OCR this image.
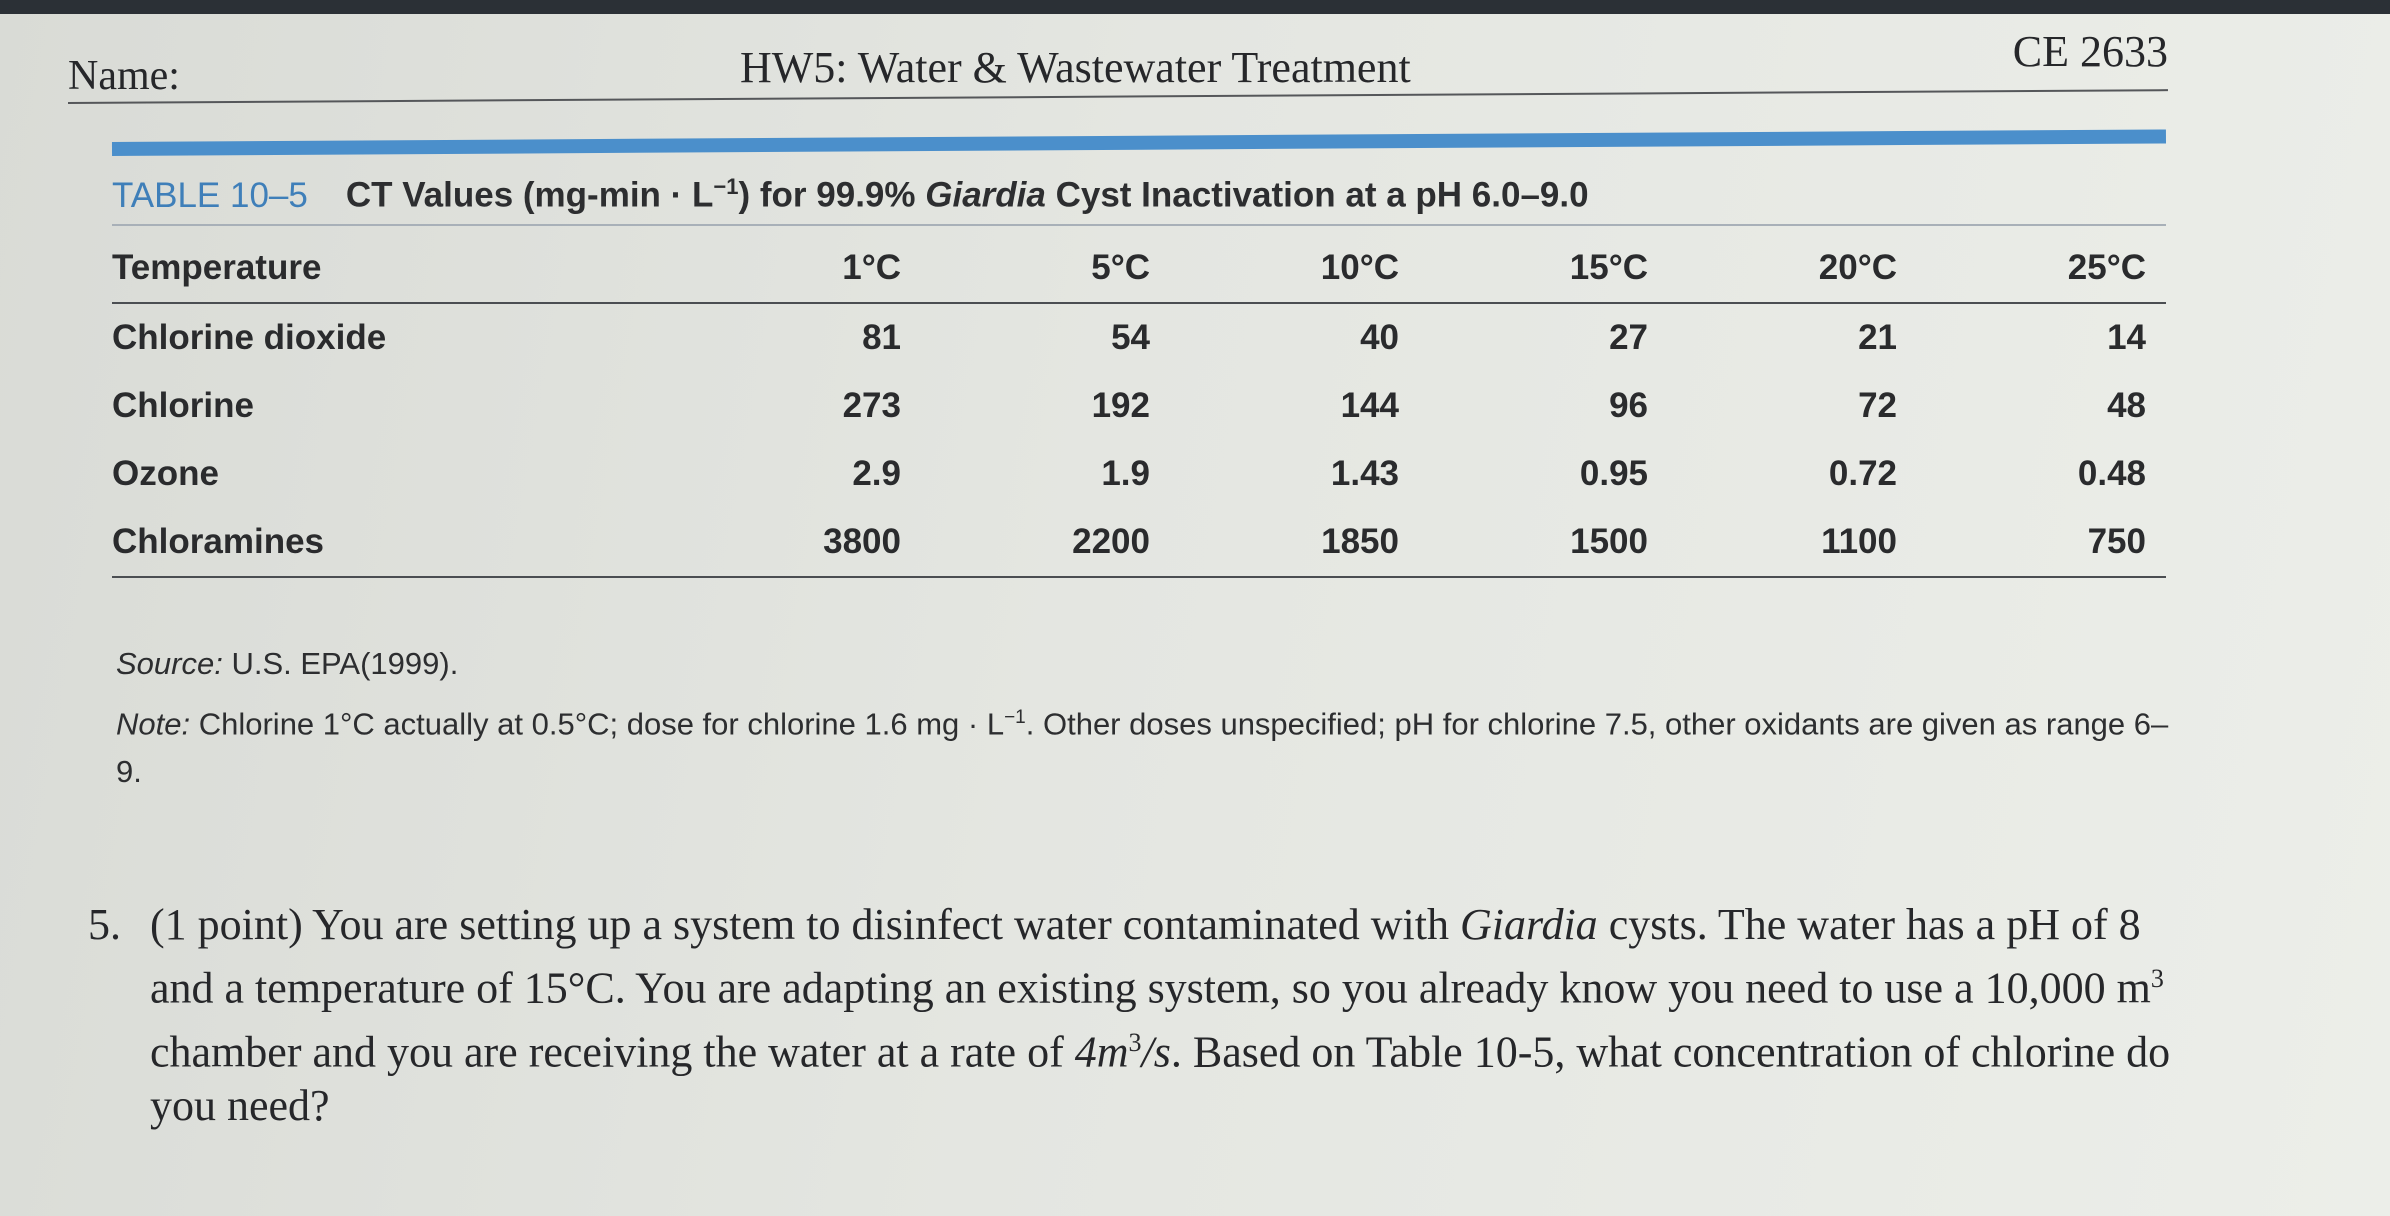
Name:	HW5: Water & Wastewater Treatment	CE 2633
TABLE 10–5 CT Values $(mg-\min \cdot L^{-1})$ for 99.9% Giardia Cyst Inactivation at a pH 6.0–9.0
Temperature	1°C	5°C	10°C	15°C	20°C	25°C
Chlorine dioxide	81	54	40	27	21	14
Chlorine	273	192	144	96	72	48
Ozone	2.9	1.9	1.43	0.95	0.72	0.48
Chloramines	3800	2200	1850	1500	1100	750
Source: U.S. EPA(1999).
Note: Chlorine 1°C actually at 0.5°C; dose for chlorine 1.6 mg · $L^{-1}$. Other doses unspecified; pH for chlorine 7.5, other oxidants are given as range 6–9.
5. (1 point) You are setting up a system to disinfect water contaminated with Giardia cysts. The water has a pH of 8 and a temperature of 15°C. You are adapting an existing system, so you already know you need to use a 10,000 $m^3$ chamber and you are receiving the water at a rate of $4m^3/s$. Based on Table 10-5, what concentration of chlorine do you need?
